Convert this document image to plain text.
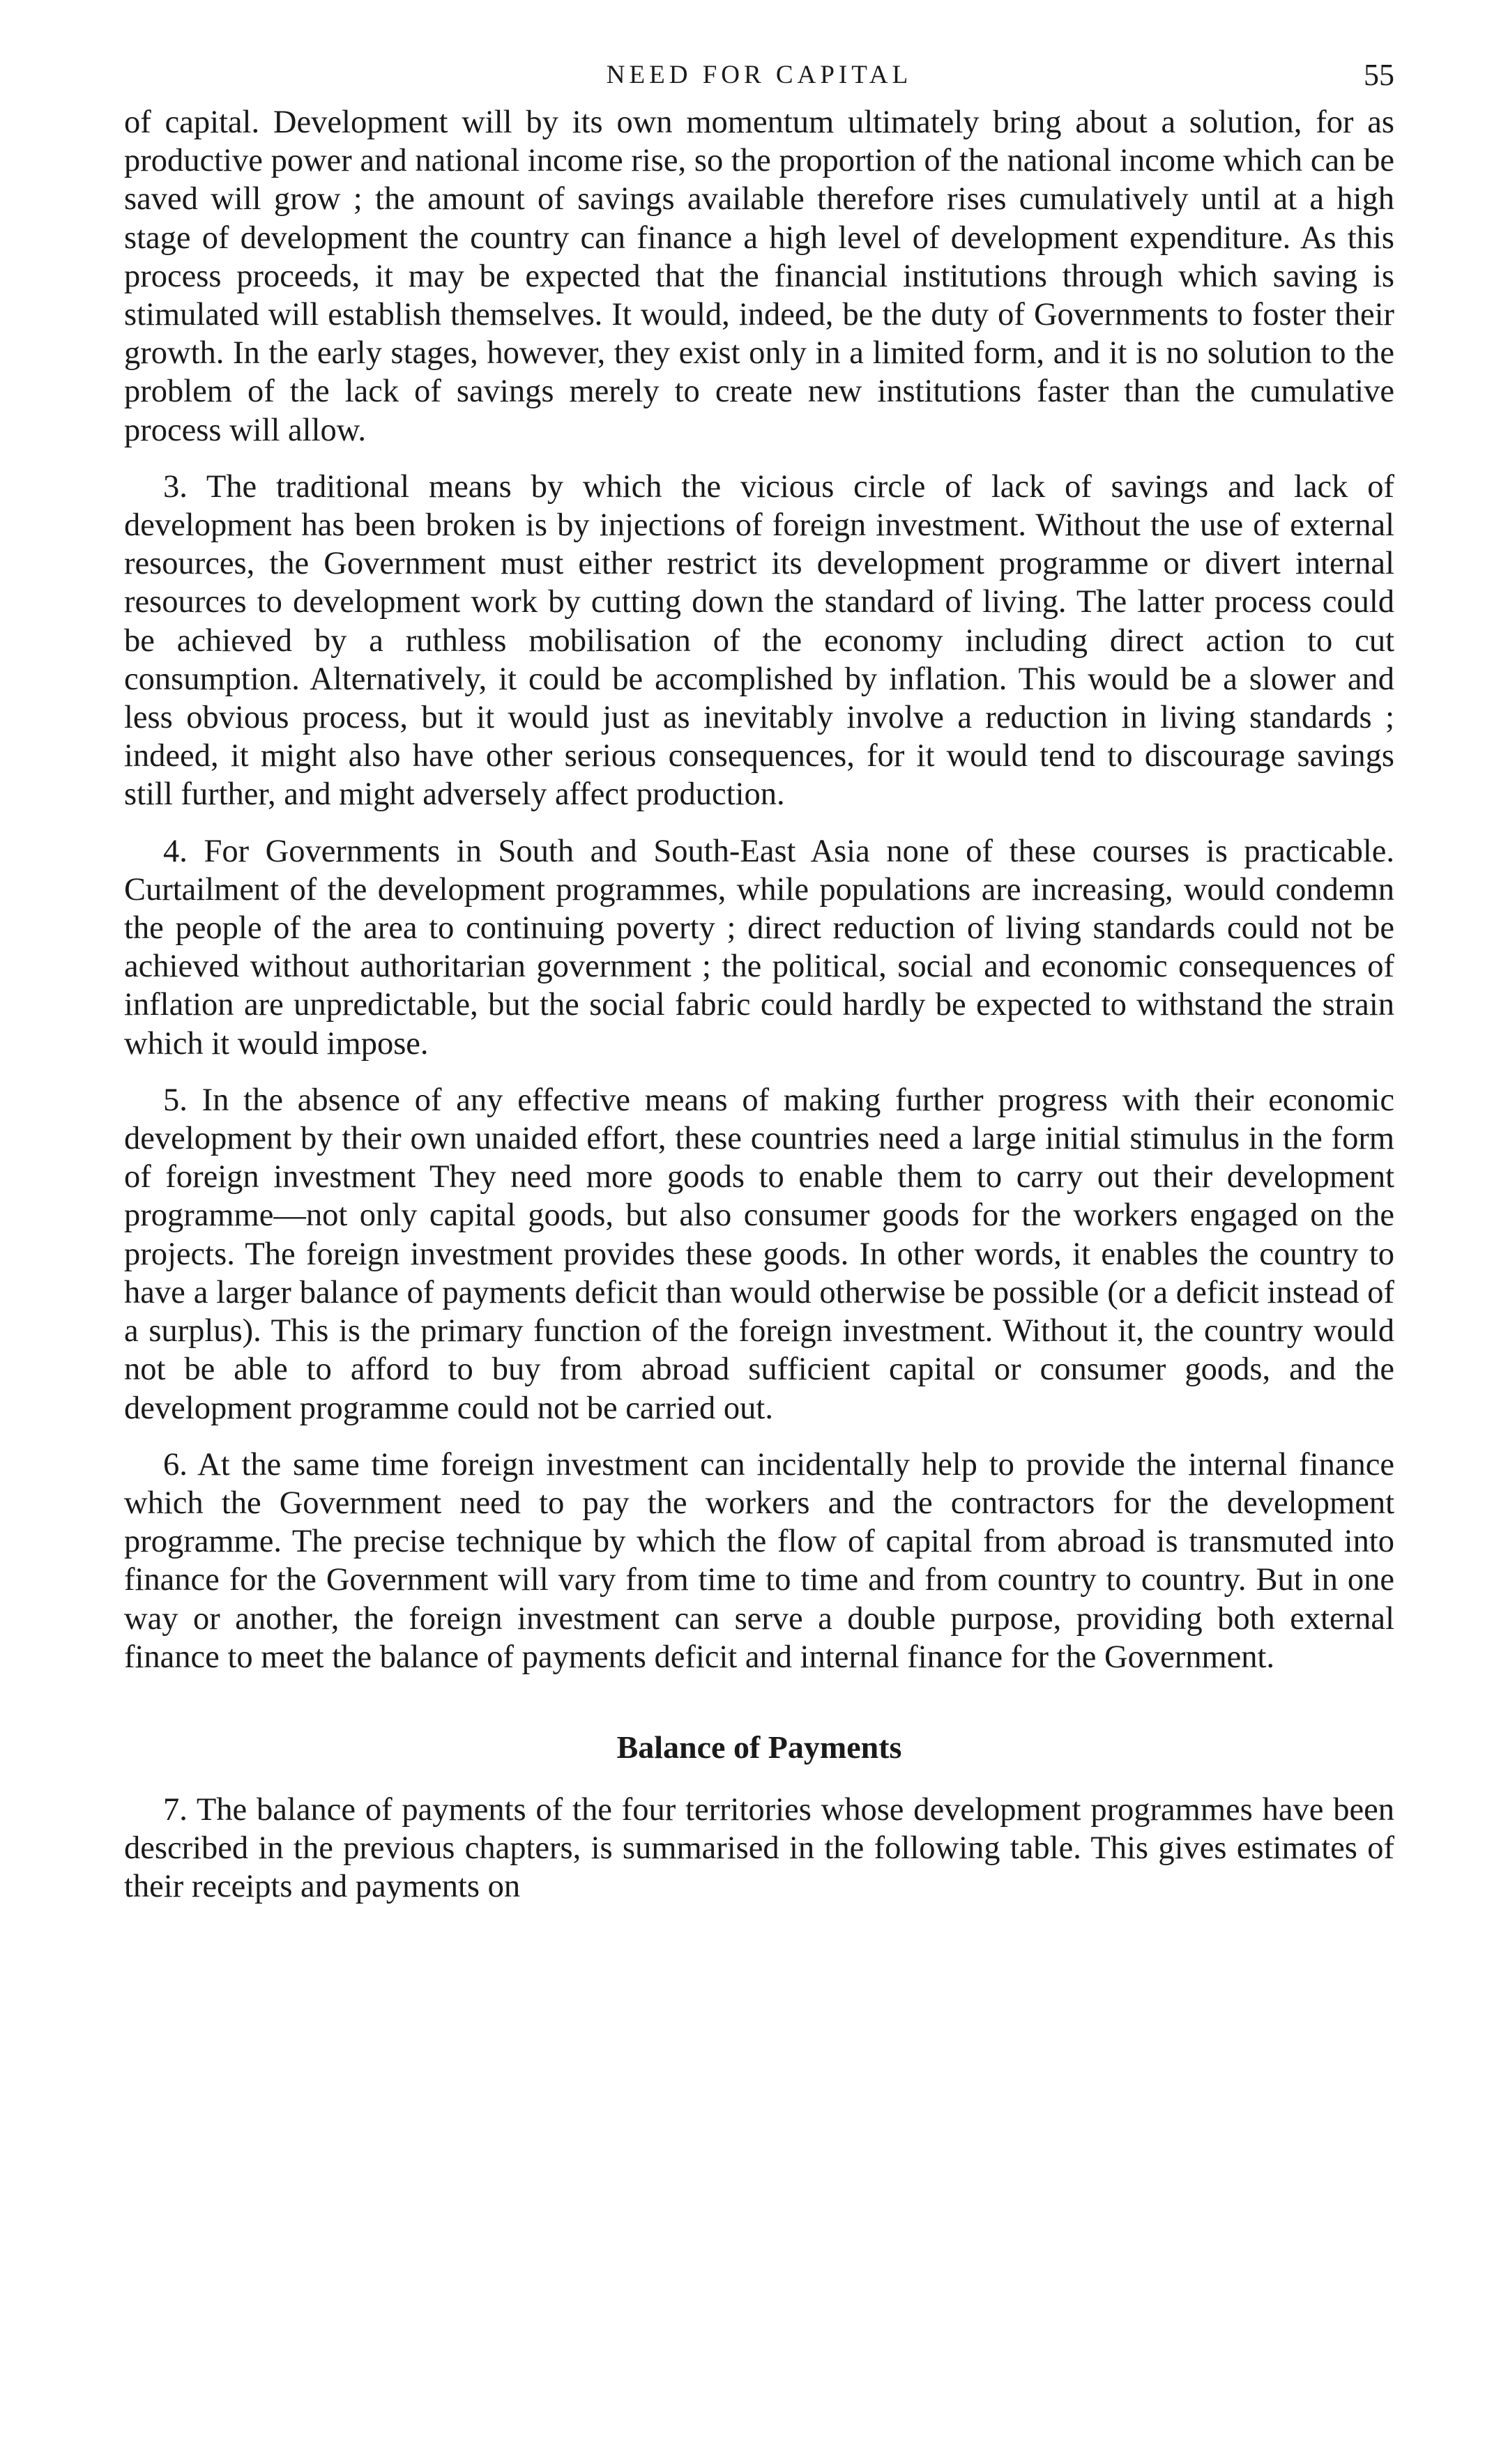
NEED FOR CAPITAL	55

of capital. Development will by its own momentum ultimately bring about a solution, for as productive power and national income rise, so the proportion of the national income which can be saved will grow ; the amount of savings available therefore rises cumulatively until at a high stage of development the country can finance a high level of development expenditure. As this process proceeds, it may be expected that the financial institutions through which saving is stimulated will establish themselves. It would, indeed, be the duty of Governments to foster their growth. In the early stages, however, they exist only in a limited form, and it is no solution to the problem of the lack of savings merely to create new institutions faster than the cumulative process will allow.

3. The traditional means by which the vicious circle of lack of savings and lack of development has been broken is by injections of foreign investment. Without the use of external resources, the Government must either restrict its development programme or divert internal resources to development work by cutting down the standard of living. The latter process could be achieved by a ruthless mobilisation of the economy including direct action to cut consumption. Alternatively, it could be accomplished by inflation. This would be a slower and less obvious process, but it would just as inevitably involve a reduction in living standards ; indeed, it might also have other serious consequences, for it would tend to discourage savings still further, and might adversely affect production.

4. For Governments in South and South-East Asia none of these courses is practicable. Curtailment of the development programmes, while populations are increasing, would condemn the people of the area to continuing poverty ; direct reduction of living standards could not be achieved without authoritarian government ; the political, social and economic consequences of inflation are unpredictable, but the social fabric could hardly be expected to withstand the strain which it would impose.

5. In the absence of any effective means of making further progress with their economic development by their own unaided effort, these countries need a large initial stimulus in the form of foreign investment They need more goods to enable them to carry out their development programme—not only capital goods, but also consumer goods for the workers engaged on the projects. The foreign investment provides these goods. In other words, it enables the country to have a larger balance of payments deficit than would otherwise be possible (or a deficit instead of a surplus). This is the primary function of the foreign investment. Without it, the country would not be able to afford to buy from abroad sufficient capital or consumer goods, and the development programme could not be carried out.

6. At the same time foreign investment can incidentally help to provide the internal finance which the Government need to pay the workers and the contractors for the development programme. The precise technique by which the flow of capital from abroad is transmuted into finance for the Government will vary from time to time and from country to country. But in one way or another, the foreign investment can serve a double purpose, providing both external finance to meet the balance of payments deficit and internal finance for the Government.

Balance of Payments

7. The balance of payments of the four territories whose development programmes have been described in the previous chapters, is summarised in the following table. This gives estimates of their receipts and payments on
